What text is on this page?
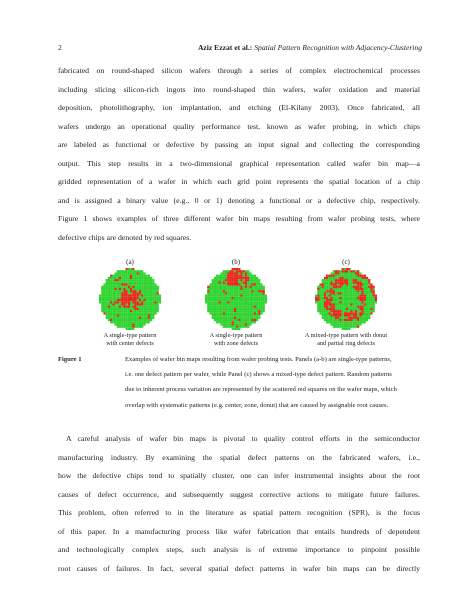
2	Aziz Ezzat et al.: Spatial Pattern Recognition with Adjacency-Clustering
fabricated on round-shaped silicon wafers through a series of complex electrochemical processes
including slicing silicon-rich ingots into round-shaped thin wafers, wafer oxidation and material
deposition, photolithography, ion implantation, and etching (El-Kilany 2003). Once fabricated, all
wafers undergo an operational quality performance test, known as wafer probing, in which chips
are labeled as functional or defective by passing an input signal and collecting the corresponding
output. This step results in a two-dimensional graphical representation called wafer bin map—a
gridded representation of a wafer in which each grid point represents the spatial location of a chip
and is assigned a binary value (e.g., 0 or 1) denoting a functional or a defective chip, respectively.
Figure 1 shows examples of three different wafer bin maps resulting from wafer probing tests, where
defective chips are denoted by red squares.
(a)
A single-type pattern
with center defects
(b)
A single-type pattern
with zone defects
(c)
A mixed-type pattern with donut
and partial ring defects
Figure 1	Examples of wafer bin maps resulting from wafer probing tests. Panels (a-b) are single-type patterns,
i.e. one defect pattern per wafer, while Panel (c) shows a mixed-type defect pattern. Random patterns
due to inherent process variation are represented by the scattered red squares on the wafer maps, which
overlap with systematic patterns (e.g. center, zone, donut) that are caused by assignable root causes.
A careful analysis of wafer bin maps is pivotal to quality control efforts in the semiconductor
manufacturing industry. By examining the spatial defect patterns on the fabricated wafers, i.e.,
how the defective chips tend to spatially cluster, one can infer instrumental insights about the root
causes of defect occurrence, and subsequently suggest corrective actions to mitigate future failures.
This problem, often referred to in the literature as spatial pattern recognition (SPR), is the focus
of this paper. In a manufacturing process like wafer fabrication that entails hundreds of dependent
and technologically complex steps, such analysis is of extreme importance to pinpoint possible
root causes of failures. In fact, several spatial defect patterns in wafer bin maps can be directly
